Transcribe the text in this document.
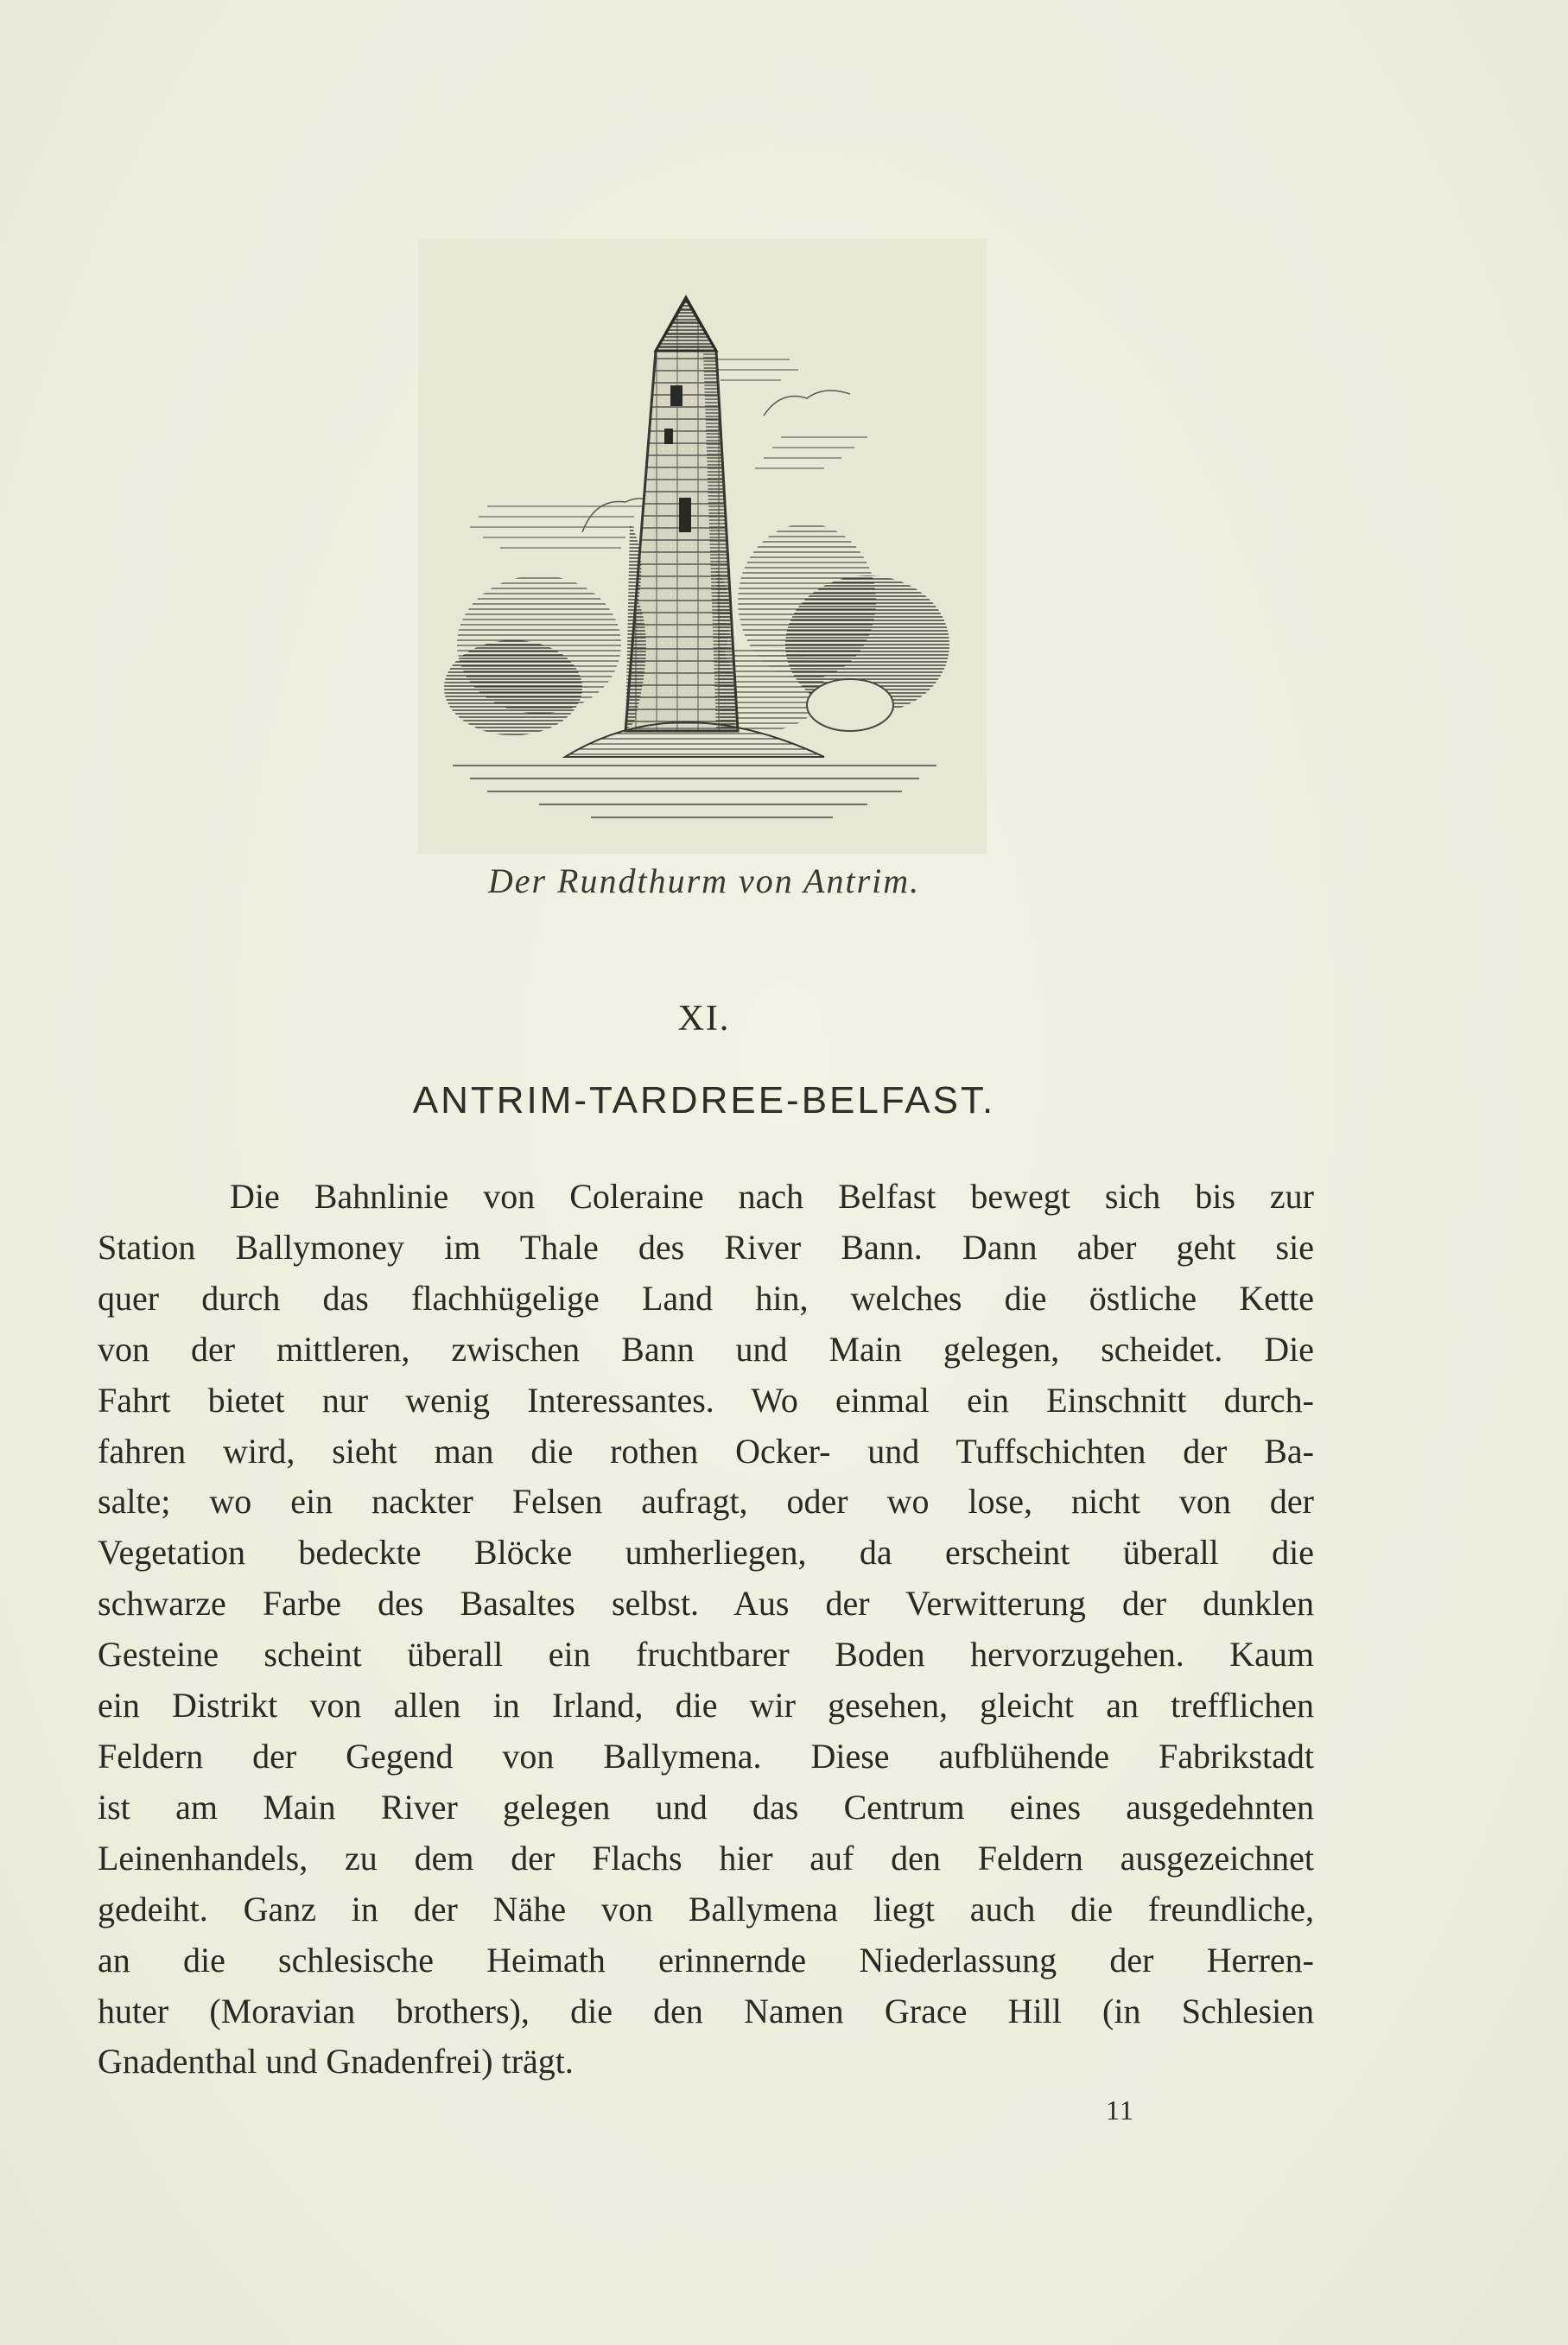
Der Rundthurm von Antrim.
XI.
ANTRIM-TARDREE-BELFAST.
Die Bahnlinie von Coleraine nach Belfast bewegt sich bis zur
Station Ballymoney im Thale des River Bann. Dann aber geht sie
quer durch das flachhügelige Land hin, welches die östliche Kette
von der mittleren, zwischen Bann und Main gelegen, scheidet. Die
Fahrt bietet nur wenig Interessantes. Wo einmal ein Einschnitt durch-
fahren wird, sieht man die rothen Ocker- und Tuffschichten der Ba-
salte; wo ein nackter Felsen aufragt, oder wo lose, nicht von der
Vegetation bedeckte Blöcke umherliegen, da erscheint überall die
schwarze Farbe des Basaltes selbst. Aus der Verwitterung der dunklen
Gesteine scheint überall ein fruchtbarer Boden hervorzugehen. Kaum
ein Distrikt von allen in Irland, die wir gesehen, gleicht an trefflichen
Feldern der Gegend von Ballymena. Diese aufblühende Fabrikstadt
ist am Main River gelegen und das Centrum eines ausgedehnten
Leinenhandels, zu dem der Flachs hier auf den Feldern ausgezeichnet
gedeiht. Ganz in der Nähe von Ballymena liegt auch die freundliche,
an die schlesische Heimath erinnernde Niederlassung der Herren-
huter (Moravian brothers), die den Namen Grace Hill (in Schlesien
Gnadenthal und Gnadenfrei) trägt.
11
